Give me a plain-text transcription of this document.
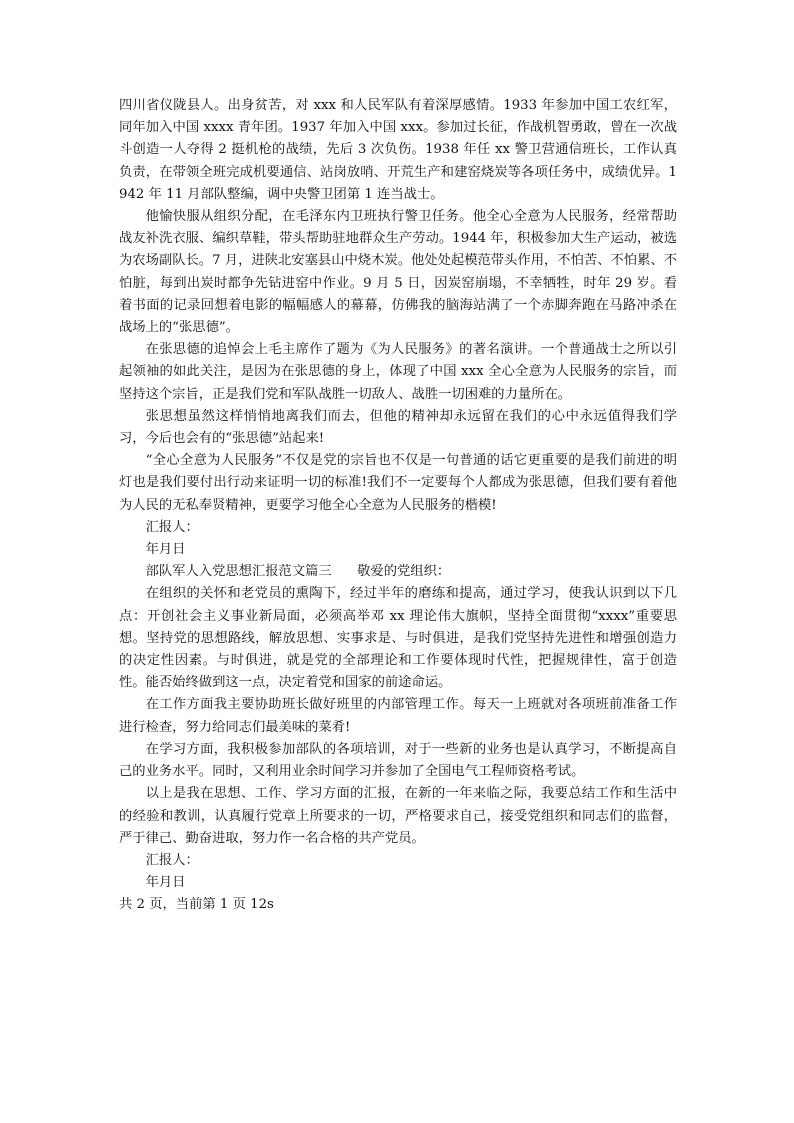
四川省仪陇县人。出身贫苦，对 xxx 和人民军队有着深厚感情。1933 年参加中国工农红军，同年加入中国 xxxx 青年团。1937 年加入中国 xxx。参加过长征，作战机智勇敢，曾在一次战斗创造一人夺得 2 挺机枪的战绩，先后 3 次负伤。1938 年任 xx 警卫营通信班长，工作认真负责，在带领全班完成机要通信、站岗放哨、开荒生产和建窑烧炭等各项任务中，成绩优异。1942 年 11 月部队整编，调中央警卫团第 1 连当战士。

他愉快服从组织分配，在毛泽东内卫班执行警卫任务。他全心全意为人民服务，经常帮助战友补洗衣服、编织草鞋，带头帮助驻地群众生产劳动。1944 年，积极参加大生产运动，被选为农场副队长。7 月，进陕北安塞县山中烧木炭。他处处起模范带头作用，不怕苦、不怕累、不怕脏，每到出炭时都争先钻进窑中作业。9 月 5 日，因炭窑崩塌，不幸牺牲，时年 29 岁。看着书面的记录回想着电影的幅幅感人的幕幕，仿佛我的脑海站满了一个赤脚奔跑在马路冲杀在战场上的“张思德”。

在张思德的追悼会上毛主席作了题为《为人民服务》的著名演讲。一个普通战士之所以引起领袖的如此关注，是因为在张思德的身上，体现了中国 xxx 全心全意为人民服务的宗旨，而坚持这个宗旨，正是我们党和军队战胜一切敌人、战胜一切困难的力量所在。

张思想虽然这样悄悄地离我们而去，但他的精神却永远留在我们的心中永远值得我们学习，今后也会有的“张思德”站起来!

“全心全意为人民服务”不仅是党的宗旨也不仅是一句普通的话它更重要的是我们前进的明灯也是我们要付出行动来证明一切的标准!我们不一定要每个人都成为张思德，但我们要有着他为人民的无私奉贤精神，更要学习他全心全意为人民服务的楷模!

汇报人：

年月日

部队军人入党思想汇报范文篇三      敬爱的党组织：

在组织的关怀和老党员的熏陶下，经过半年的磨练和提高，通过学习，使我认识到以下几点：开创社会主义事业新局面，必须高举邓 xx 理论伟大旗帜，坚持全面贯彻“xxxx”重要思想。坚持党的思想路线，解放思想、实事求是、与时俱进，是我们党坚持先进性和增强创造力的决定性因素。与时俱进，就是党的全部理论和工作要体现时代性，把握规律性，富于创造性。能否始终做到这一点，决定着党和国家的前途命运。

在工作方面我主要协助班长做好班里的内部管理工作。每天一上班就对各项班前准备工作进行检查，努力给同志们最美味的菜肴!

在学习方面，我积极参加部队的各项培训，对于一些新的业务也是认真学习，不断提高自己的业务水平。同时，又利用业余时间学习并参加了全国电气工程师资格考试。

以上是我在思想、工作、学习方面的汇报，在新的一年来临之际，我要总结工作和生活中的经验和教训，认真履行党章上所要求的一切，严格要求自己，接受党组织和同志们的监督，严于律己、勤奋进取，努力作一名合格的共产党员。

汇报人：

年月日

共 2 页，当前第 1 页 12s
